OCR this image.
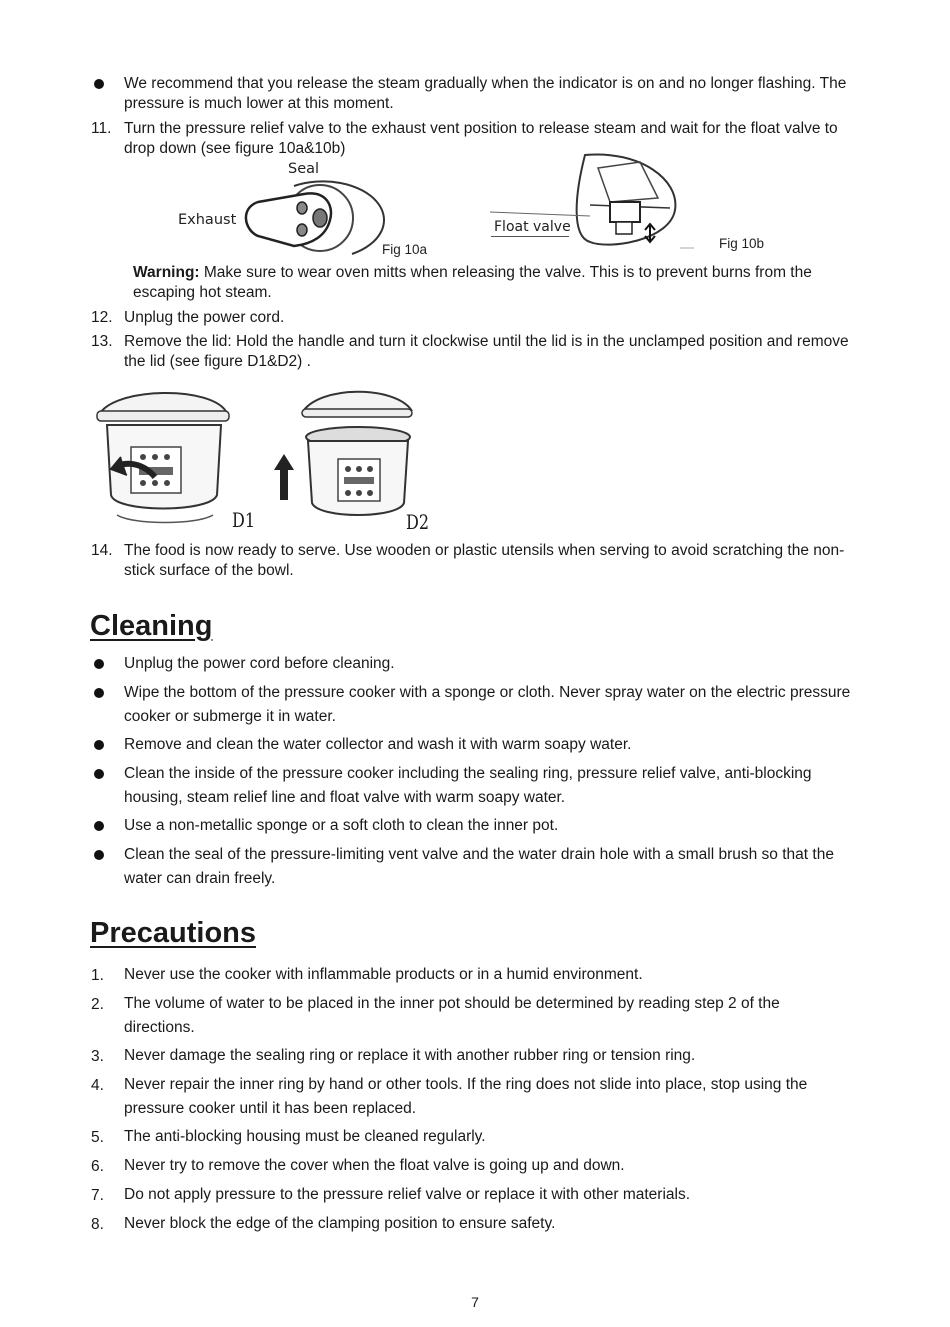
We recommend that you release the steam gradually when the indicator is on and no longer flashing. The pressure is much lower at this moment.
11. Turn the pressure relief valve to the exhaust vent position to release steam and wait for the float valve to drop down (see figure 10a&10b)
Seal
Exhaust
Fig 10a
Float valve
Fig 10b
Warning: Make sure to wear oven mitts when releasing the valve. This is to prevent burns from the escaping hot steam.
12. Unplug the power cord.
13. Remove the lid: Hold the handle and turn it clockwise until the lid is in the unclamped position and remove the lid (see figure D1&D2) .
D1	D2
14. The food is now ready to serve. Use wooden or plastic utensils when serving to avoid scratching the non-stick surface of the bowl.
Cleaning
Unplug the power cord before cleaning.
Wipe the bottom of the pressure cooker with a sponge or cloth. Never spray water on the electric pressure cooker or submerge it in water.
Remove and clean the water collector and wash it with warm soapy water.
Clean the inside of the pressure cooker including the sealing ring, pressure relief valve, anti-blocking housing, steam relief line and float valve with warm soapy water.
Use a non-metallic sponge or a soft cloth to clean the inner pot.
Clean the seal of the pressure-limiting vent valve and the water drain hole with a small brush so that the water can drain freely.
Precautions
1.	Never use the cooker with inflammable products or in a humid environment.
2.	The volume of water to be placed in the inner pot should be determined by reading step 2 of the directions.
3.	Never damage the sealing ring or replace it with another rubber ring or tension ring.
4.	Never repair the inner ring by hand or other tools. If the ring does not slide into place, stop using the pressure cooker until it has been replaced.
5.	The anti-blocking housing must be cleaned regularly.
6.	Never try to remove the cover when the float valve is going up and down.
7.	Do not apply pressure to the pressure relief valve or replace it with other materials.
8.	Never block the edge of the clamping position to ensure safety.
7
